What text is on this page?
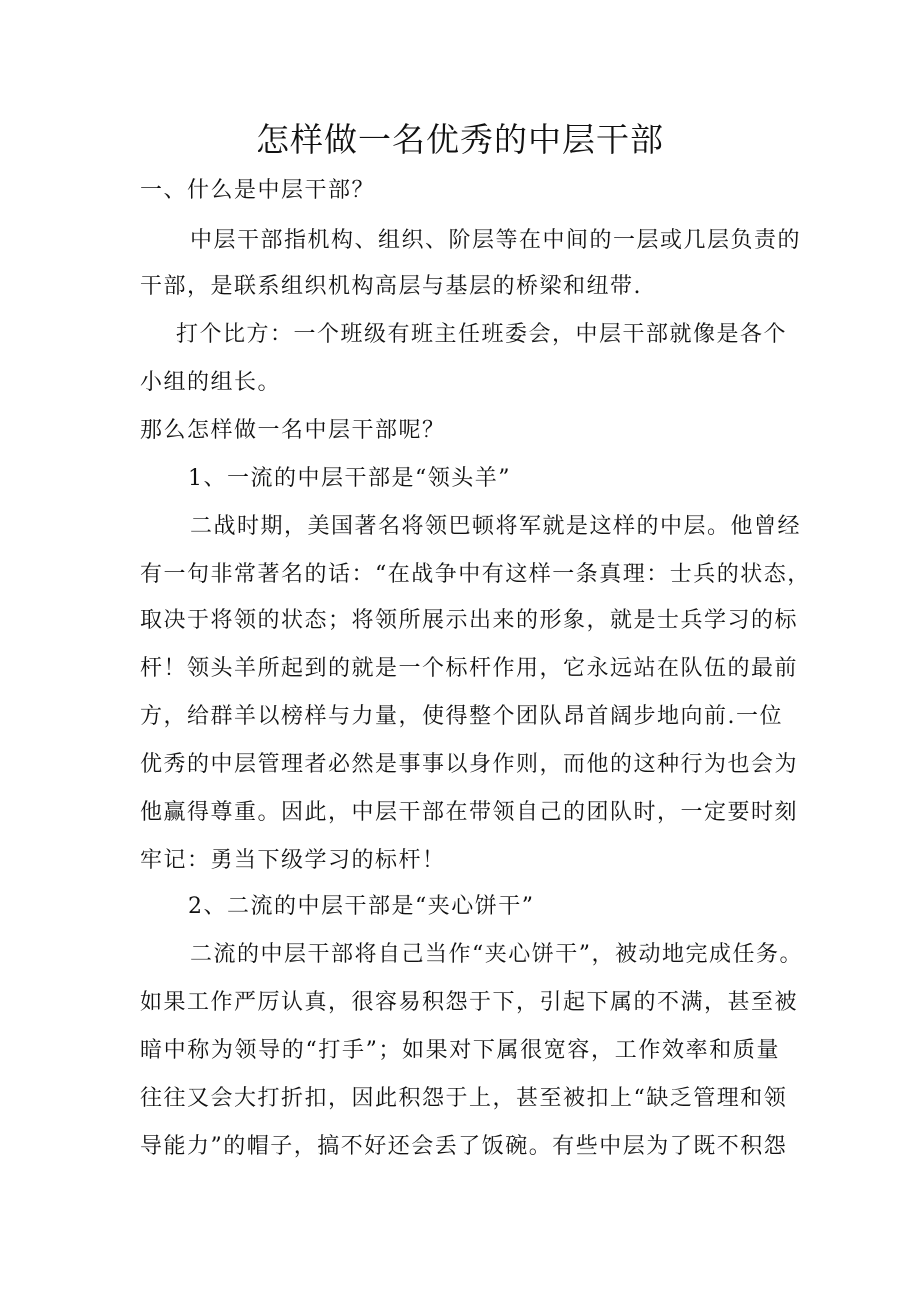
怎样做一名优秀的中层干部
一、什么是中层干部？
中层干部指机构、组织、阶层等在中间的一层或几层负责的
干部，是联系组织机构高层与基层的桥梁和纽带.
打个比方：一个班级有班主任班委会，中层干部就像是各个
小组的组长。
那么怎样做一名中层干部呢？
1、一流的中层干部是“领头羊”
二战时期，美国著名将领巴顿将军就是这样的中层。他曾经
有一句非常著名的话：“在战争中有这样一条真理：士兵的状态，
取决于将领的状态；将领所展示出来的形象，就是士兵学习的标
杆！领头羊所起到的就是一个标杆作用，它永远站在队伍的最前
方，给群羊以榜样与力量，使得整个团队昂首阔步地向前.一位
优秀的中层管理者必然是事事以身作则，而他的这种行为也会为
他赢得尊重。因此，中层干部在带领自己的团队时，一定要时刻
牢记：勇当下级学习的标杆！
2、二流的中层干部是“夹心饼干”
二流的中层干部将自己当作“夹心饼干”，被动地完成任务。
如果工作严厉认真，很容易积怨于下，引起下属的不满，甚至被
暗中称为领导的“打手”；如果对下属很宽容，工作效率和质量
往往又会大打折扣，因此积怨于上，甚至被扣上“缺乏管理和领
导能力”的帽子，搞不好还会丢了饭碗。有些中层为了既不积怨
